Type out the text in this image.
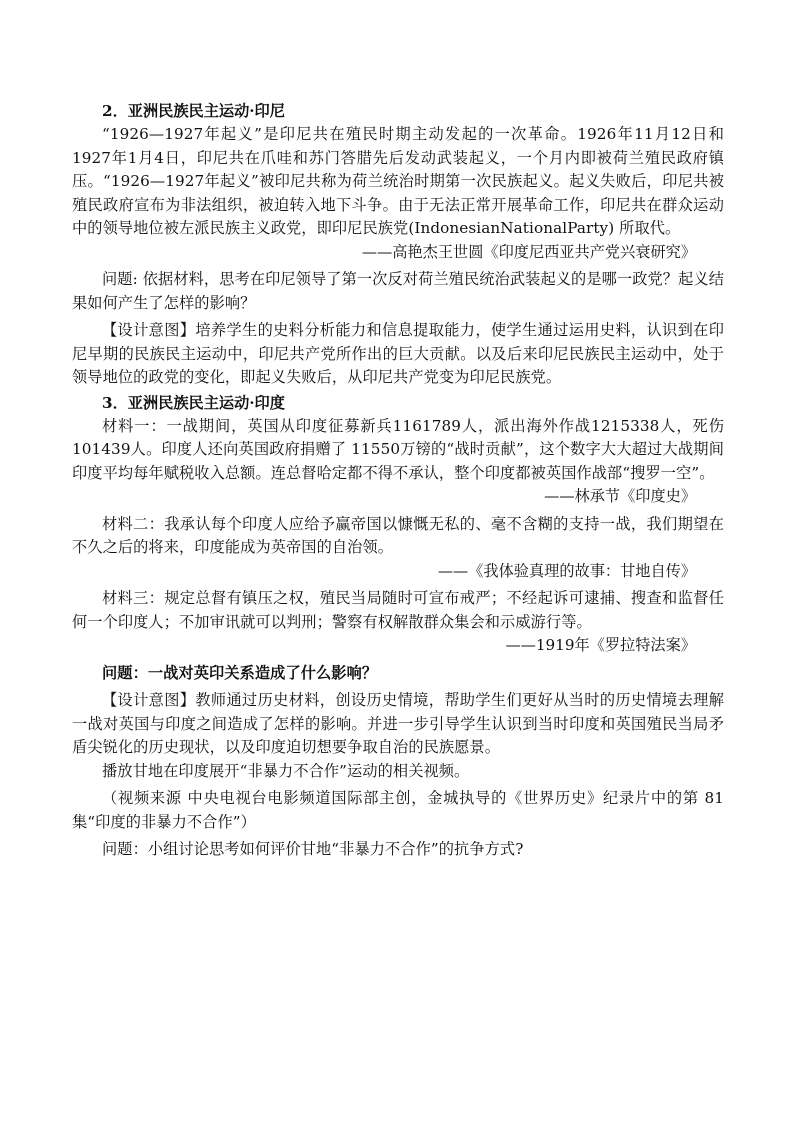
2．亚洲民族民主运动·印尼

“1926—1927年起义”是印尼共在殖民时期主动发起的一次革命。1926年11月12日和1927年1月4日，印尼共在爪哇和苏门答腊先后发动武装起义，一个月内即被荷兰殖民政府镇压。“1926—1927年起义”被印尼共称为荷兰统治时期第一次民族起义。起义失败后，印尼共被殖民政府宣布为非法组织，被迫转入地下斗争。由于无法正常开展革命工作，印尼共在群众运动中的领导地位被左派民族主义政党，即印尼民族党(IndonesianNationalParty) 所取代。

——高艳杰王世圆《印度尼西亚共产党兴衰研究》

问题: 依据材料，思考在印尼领导了第一次反对荷兰殖民统治武装起义的是哪一政党？起义结果如何产生了怎样的影响？

【设计意图】培养学生的史料分析能力和信息提取能力，使学生通过运用史料，认识到在印尼早期的民族民主运动中，印尼共产党所作出的巨大贡献。以及后来印尼民族民主运动中，处于领导地位的政党的变化，即起义失败后，从印尼共产党变为印尼民族党。

3．亚洲民族民主运动·印度

材料一：一战期间，英国从印度征募新兵1161789人，派出海外作战1215338人，死伤101439人。印度人还向英国政府捐赠了 11550万镑的“战时贡献”，这个数字大大超过大战期间印度平均每年赋税收入总额。连总督哈定都不得不承认，整个印度都被英国作战部“搜罗一空”。

——林承节《印度史》

材料二：我承认每个印度人应给予赢帝国以慷慨无私的、毫不含糊的支持一战，我们期望在不久之后的将来，印度能成为英帝国的自治领。

——《我体验真理的故事：甘地自传》

材料三：规定总督有镇压之权，殖民当局随时可宣布戒严；不经起诉可逮捕、搜查和监督任何一个印度人；不加审讯就可以判刑；警察有权解散群众集会和示威游行等。

——1919年《罗拉特法案》

问题：一战对英印关系造成了什么影响？

【设计意图】教师通过历史材料，创设历史情境，帮助学生们更好从当时的历史情境去理解一战对英国与印度之间造成了怎样的影响。并进一步引导学生认识到当时印度和英国殖民当局矛盾尖锐化的历史现状，以及印度迫切想要争取自治的民族愿景。

播放甘地在印度展开“非暴力不合作”运动的相关视频。

（视频来源 中央电视台电影频道国际部主创，金城执导的《世界历史》纪录片中的第 81集“印度的非暴力不合作”）

问题：小组讨论思考如何评价甘地“非暴力不合作”的抗争方式?
